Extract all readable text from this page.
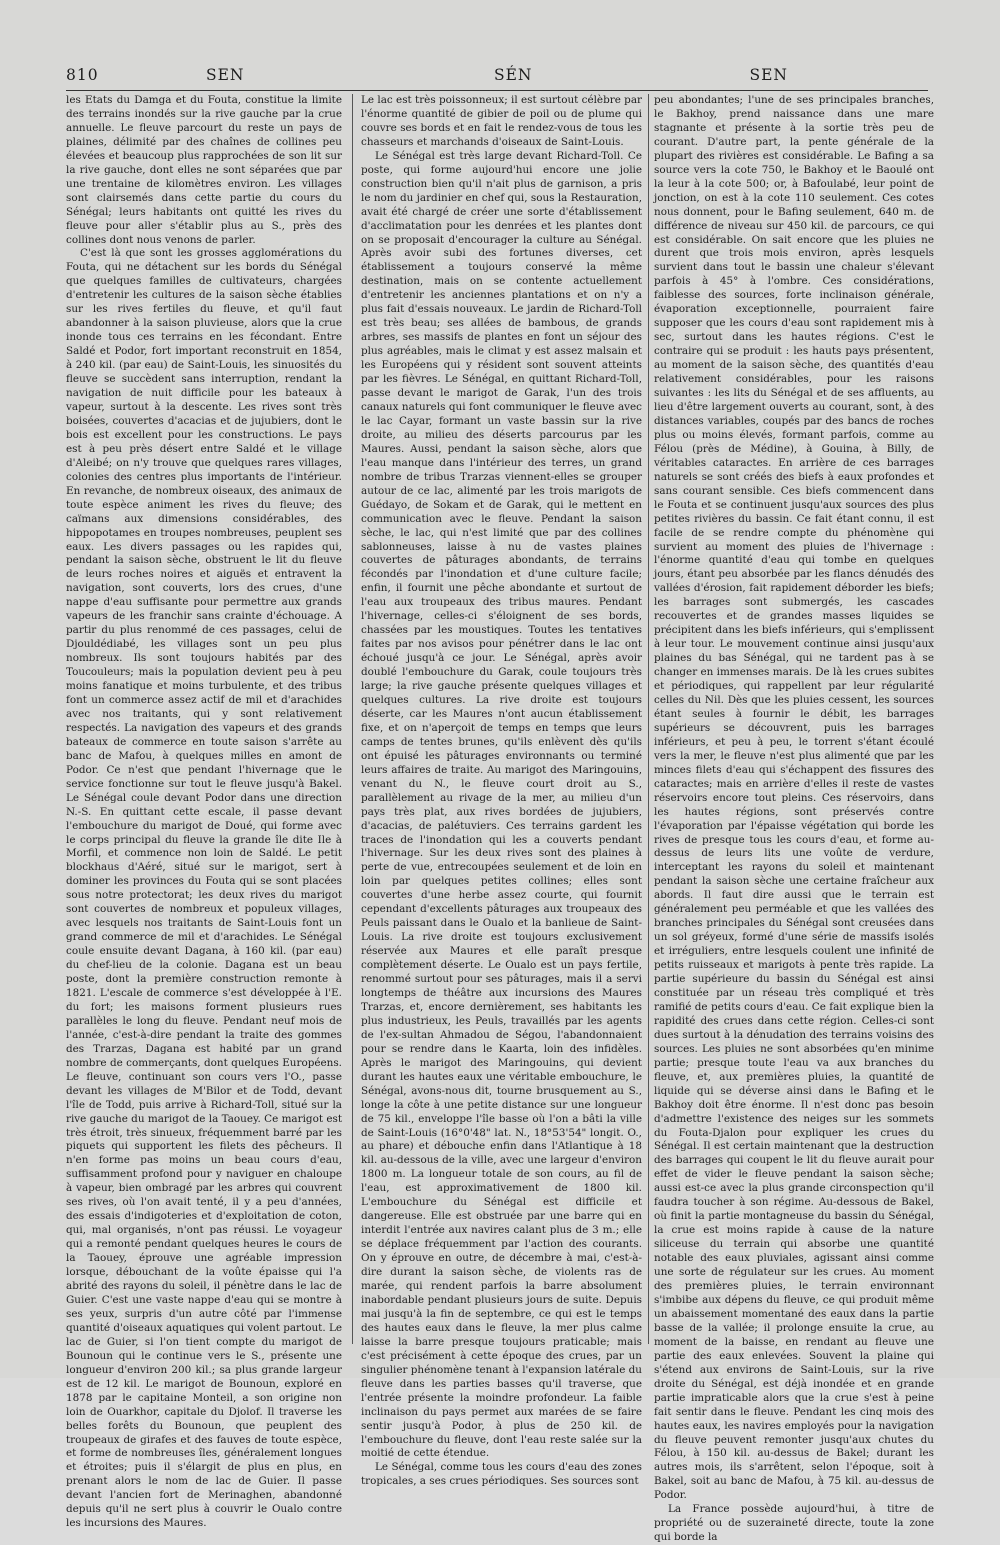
810	SEN	SÉN	SEN

les Etats du Damga et du Fouta, constitue la limite des terrains inondés sur la rive gauche par la crue annuelle. Le fleuve parcourt du reste un pays de plaines, délimité par des chaînes de collines peu élevées et beaucoup plus rapprochées de son lit sur la rive gauche, dont elles ne sont séparées que par une trentaine de kilomètres environ. Les villages sont clairsemés dans cette partie du cours du Sénégal; leurs habitants ont quitté les rives du fleuve pour aller s'établir plus au S., près des collines dont nous venons de parler.

C'est là que sont les grosses agglomérations du Fouta, qui ne détachent sur les bords du Sénégal que quelques familles de cultivateurs, chargées d'entretenir les cultures de la saison sèche établies sur les rives fertiles du fleuve, et qu'il faut abandonner à la saison pluvieuse, alors que la crue inonde tous ces terrains en les fécondant. Entre Saldé et Podor, fort important reconstruit en 1854, à 240 kil. (par eau) de Saint-Louis, les sinuosités du fleuve se succèdent sans interruption, rendant la navigation de nuit difficile pour les bateaux à vapeur, surtout à la descente. Les rives sont très boisées, couvertes d'acacias et de jujubiers, dont le bois est excellent pour les constructions. Le pays est à peu près désert entre Saldé et le village d'Aleibé; on n'y trouve que quelques rares villages, colonies des centres plus importants de l'intérieur. En revanche, de nombreux oiseaux, des animaux de toute espèce animent les rives du fleuve; des caïmans aux dimensions considérables, des hippopotames en troupes nombreuses, peuplent ses eaux. Les divers passages ou les rapides qui, pendant la saison sèche, obstruent le lit du fleuve de leurs roches noires et aiguës et entravent la navigation, sont couverts, lors des crues, d'une nappe d'eau suffisante pour permettre aux grands vapeurs de les franchir sans crainte d'échouage. A partir du plus renommé de ces passages, celui de Djouldédiabé, les villages sont un peu plus nombreux. Ils sont toujours habités par des Toucouleurs; mais la population devient peu à peu moins fanatique et moins turbulente, et des tribus font un commerce assez actif de mil et d'arachides avec nos traitants, qui y sont relativement respectés. La navigation des vapeurs et des grands bateaux de commerce en toute saison s'arrête au banc de Mafou, à quelques milles en amont de Podor. Ce n'est que pendant l'hivernage que le service fonctionne sur tout le fleuve jusqu'à Bakel. Le Sénégal coule devant Podor dans une direction N.-S. En quittant cette escale, il passe devant l'embouchure du marigot de Doué, qui forme avec le corps principal du fleuve la grande île dite Ile à Morfil, et commence non loin de Saldé. Le petit blockhaus d'Aéré, situé sur le marigot, sert à dominer les provinces du Fouta qui se sont placées sous notre protectorat; les deux rives du marigot sont couvertes de nombreux et populeux villages, avec lesquels nos traitants de Saint-Louis font un grand commerce de mil et d'arachides. Le Sénégal coule ensuite devant Dagana, à 160 kil. (par eau) du chef-lieu de la colonie. Dagana est un beau poste, dont la première construction remonte à 1821. L'escale de commerce s'est développée à l'E. du fort; les maisons forment plusieurs rues parallèles le long du fleuve. Pendant neuf mois de l'année, c'est-à-dire pendant la traite des gommes des Trarzas, Dagana est habité par un grand nombre de commerçants, dont quelques Européens. Le fleuve, continuant son cours vers l'O., passe devant les villages de M'Bilor et de Todd, devant l'île de Todd, puis arrive à Richard-Toll, situé sur la rive gauche du marigot de la Taouey. Ce marigot est très étroit, très sinueux, fréquemment barré par les piquets qui supportent les filets des pêcheurs. Il n'en forme pas moins un beau cours d'eau, suffisamment profond pour y naviguer en chaloupe à vapeur, bien ombragé par les arbres qui couvrent ses rives, où l'on avait tenté, il y a peu d'années, des essais d'indigoteries et d'exploitation de coton, qui, mal organisés, n'ont pas réussi. Le voyageur qui a remonté pendant quelques heures le cours de la Taouey, éprouve une agréable impression lorsque, débouchant de la voûte épaisse qui l'a abrité des rayons du soleil, il pénètre dans le lac de Guier. C'est une vaste nappe d'eau qui se montre à ses yeux, surpris d'un autre côté par l'immense quantité d'oiseaux aquatiques qui volent partout. Le lac de Guier, si l'on tient compte du marigot de Bounoun qui le continue vers le S., présente une longueur d'environ 200 kil.; sa plus grande largeur est de 12 kil. Le marigot de Bounoun, exploré en 1878 par le capitaine Monteil, a son origine non loin de Ouarkhor, capitale du Djolof. Il traverse les belles forêts du Bounoun, que peuplent des troupeaux de girafes et des fauves de toute espèce, et forme de nombreuses îles, généralement longues et étroites; puis il s'élargit de plus en plus, en prenant alors le nom de lac de Guier. Il passe devant l'ancien fort de Merinaghen, abandonné depuis qu'il ne sert plus à couvrir le Oualo contre les incursions des Maures.

Le lac est très poissonneux; il est surtout célèbre par l'énorme quantité de gibier de poil ou de plume qui couvre ses bords et en fait le rendez-vous de tous les chasseurs et marchands d'oiseaux de Saint-Louis.

Le Sénégal est très large devant Richard-Toll. Ce poste, qui forme aujourd'hui encore une jolie construction bien qu'il n'ait plus de garnison, a pris le nom du jardinier en chef qui, sous la Restauration, avait été chargé de créer une sorte d'établissement d'acclimatation pour les denrées et les plantes dont on se proposait d'encourager la culture au Sénégal. Après avoir subi des fortunes diverses, cet établissement a toujours conservé la même destination, mais on se contente actuellement d'entretenir les anciennes plantations et on n'y a plus fait d'essais nouveaux. Le jardin de Richard-Toll est très beau; ses allées de bambous, de grands arbres, ses massifs de plantes en font un séjour des plus agréables, mais le climat y est assez malsain et les Européens qui y résident sont souvent atteints par les fièvres. Le Sénégal, en quittant Richard-Toll, passe devant le marigot de Garak, l'un des trois canaux naturels qui font communiquer le fleuve avec le lac Cayar, formant un vaste bassin sur la rive droite, au milieu des déserts parcourus par les Maures. Aussi, pendant la saison sèche, alors que l'eau manque dans l'intérieur des terres, un grand nombre de tribus Trarzas viennent-elles se grouper autour de ce lac, alimenté par les trois marigots de Guédayo, de Sokam et de Garak, qui le mettent en communication avec le fleuve. Pendant la saison sèche, le lac, qui n'est limité que par des collines sablonneuses, laisse à nu de vastes plaines couvertes de pâturages abondants, de terrains fécondés par l'inondation et d'une culture facile; enfin, il fournit une pêche abondante et surtout de l'eau aux troupeaux des tribus maures. Pendant l'hivernage, celles-ci s'éloignent de ses bords, chassées par les moustiques. Toutes les tentatives faites par nos avisos pour pénétrer dans le lac ont échoué jusqu'à ce jour. Le Sénégal, après avoir doublé l'embouchure du Garak, coule toujours très large; la rive gauche présente quelques villages et quelques cultures. La rive droite est toujours déserte, car les Maures n'ont aucun établissement fixe, et on n'aperçoit de temps en temps que leurs camps de tentes brunes, qu'ils enlèvent dès qu'ils ont épuisé les pâturages environnants ou terminé leurs affaires de traite. Au marigot des Maringouins, venant du N., le fleuve court droit au S., parallèlement au rivage de la mer, au milieu d'un pays très plat, aux rives bordées de jujubiers, d'acacias, de palétuviers. Ces terrains gardent les traces de l'inondation qui les a couverts pendant l'hivernage. Sur les deux rives sont des plaines à perte de vue, entrecoupées seulement et de loin en loin par quelques petites collines; elles sont couvertes d'une herbe assez courte, qui fournit cependant d'excellents pâturages aux troupeaux des Peuls paissant dans le Oualo et la banlieue de Saint-Louis. La rive droite est toujours exclusivement réservée aux Maures et elle paraît presque complètement déserte. Le Oualo est un pays fertile, renommé surtout pour ses pâturages, mais il a servi longtemps de théâtre aux incursions des Maures Trarzas, et, encore dernièrement, ses habitants les plus industrieux, les Peuls, travaillés par les agents de l'ex-sultan Ahmadou de Ségou, l'abandonnaient pour se rendre dans le Kaarta, loin des infidèles. Après le marigot des Maringouins, qui devient durant les hautes eaux une véritable embouchure, le Sénégal, avons-nous dit, tourne brusquement au S., longe la côte à une petite distance sur une longueur de 75 kil., enveloppe l'île basse où l'on a bâti la ville de Saint-Louis (16°0'48" lat. N., 18°53'54" longit. O., au phare) et débouche enfin dans l'Atlantique à 18 kil. au-dessous de la ville, avec une largeur d'environ 1800 m. La longueur totale de son cours, au fil de l'eau, est approximativement de 1800 kil. L'embouchure du Sénégal est difficile et dangereuse. Elle est obstruée par une barre qui en interdit l'entrée aux navires calant plus de 3 m.; elle se déplace fréquemment par l'action des courants. On y éprouve en outre, de décembre à mai, c'est-à-dire durant la saison sèche, de violents ras de marée, qui rendent parfois la barre absolument inabordable pendant plusieurs jours de suite. Depuis mai jusqu'à la fin de septembre, ce qui est le temps des hautes eaux dans le fleuve, la mer plus calme laisse la barre presque toujours praticable; mais c'est précisément à cette époque des crues, par un singulier phénomène tenant à l'expansion latérale du fleuve dans les parties basses qu'il traverse, que l'entrée présente la moindre profondeur. La faible inclinaison du pays permet aux marées de se faire sentir jusqu'à Podor, à plus de 250 kil. de l'embouchure du fleuve, dont l'eau reste salée sur la moitié de cette étendue.

Le Sénégal, comme tous les cours d'eau des zones tropicales, a ses crues périodiques. Ses sources sont

peu abondantes; l'une de ses principales branches, le Bakhoy, prend naissance dans une mare stagnante et présente à la sortie très peu de courant. D'autre part, la pente générale de la plupart des rivières est considérable. Le Bafing a sa source vers la cote 750, le Bakhoy et le Baoulé ont la leur à la cote 500; or, à Bafoulabé, leur point de jonction, on est à la cote 110 seulement. Ces cotes nous donnent, pour le Bafing seulement, 640 m. de différence de niveau sur 450 kil. de parcours, ce qui est considérable. On sait encore que les pluies ne durent que trois mois environ, après lesquels survient dans tout le bassin une chaleur s'élevant parfois à 45° à l'ombre. Ces considérations, faiblesse des sources, forte inclinaison générale, évaporation exceptionnelle, pourraient faire supposer que les cours d'eau sont rapidement mis à sec, surtout dans les hautes régions. C'est le contraire qui se produit : les hauts pays présentent, au moment de la saison sèche, des quantités d'eau relativement considérables, pour les raisons suivantes : les lits du Sénégal et de ses affluents, au lieu d'être largement ouverts au courant, sont, à des distances variables, coupés par des bancs de roches plus ou moins élevés, formant parfois, comme au Félou (près de Médine), à Gouina, à Billy, de véritables cataractes. En arrière de ces barrages naturels se sont créés des biefs à eaux profondes et sans courant sensible. Ces biefs commencent dans le Fouta et se continuent jusqu'aux sources des plus petites rivières du bassin. Ce fait étant connu, il est facile de se rendre compte du phénomène qui survient au moment des pluies de l'hivernage : l'énorme quantité d'eau qui tombe en quelques jours, étant peu absorbée par les flancs dénudés des vallées d'érosion, fait rapidement déborder les biefs; les barrages sont submergés, les cascades recouvertes et de grandes masses liquides se précipitent dans les biefs inférieurs, qui s'emplissent à leur tour. Le mouvement continue ainsi jusqu'aux plaines du bas Sénégal, qui ne tardent pas à se changer en immenses marais. De là les crues subites et périodiques, qui rappellent par leur régularité celles du Nil. Dès que les pluies cessent, les sources étant seules à fournir le débit, les barrages supérieurs se découvrent, puis les barrages inférieurs, et peu à peu, le torrent s'étant écoulé vers la mer, le fleuve n'est plus alimenté que par les minces filets d'eau qui s'échappent des fissures des cataractes; mais en arrière d'elles il reste de vastes réservoirs encore tout pleins. Ces réservoirs, dans les hautes régions, sont préservés contre l'évaporation par l'épaisse végétation qui borde les rives de presque tous les cours d'eau, et forme au-dessus de leurs lits une voûte de verdure, interceptant les rayons du soleil et maintenant pendant la saison sèche une certaine fraîcheur aux abords. Il faut dire aussi que le terrain est généralement peu perméable et que les vallées des branches principales du Sénégal sont creusées dans un sol gréyeux, formé d'une série de massifs isolés et irréguliers, entre lesquels coulent une infinité de petits ruisseaux et marigots à pente très rapide. La partie supérieure du bassin du Sénégal est ainsi constituée par un réseau très compliqué et très ramifié de petits cours d'eau. Ce fait explique bien la rapidité des crues dans cette région. Celles-ci sont dues surtout à la dénudation des terrains voisins des sources. Les pluies ne sont absorbées qu'en minime partie; presque toute l'eau va aux branches du fleuve, et, aux premières pluies, la quantité de liquide qui se déverse ainsi dans le Bafing et le Bakhoy doit être énorme. Il n'est donc pas besoin d'admettre l'existence des neiges sur les sommets du Fouta-Djalon pour expliquer les crues du Sénégal. Il est certain maintenant que la destruction des barrages qui coupent le lit du fleuve aurait pour effet de vider le fleuve pendant la saison sèche; aussi est-ce avec la plus grande circonspection qu'il faudra toucher à son régime. Au-dessous de Bakel, où finit la partie montagneuse du bassin du Sénégal, la crue est moins rapide à cause de la nature siliceuse du terrain qui absorbe une quantité notable des eaux pluviales, agissant ainsi comme une sorte de régulateur sur les crues. Au moment des premières pluies, le terrain environnant s'imbibe aux dépens du fleuve, ce qui produit même un abaissement momentané des eaux dans la partie basse de la vallée; il prolonge ensuite la crue, au moment de la baisse, en rendant au fleuve une partie des eaux enlevées. Souvent la plaine qui s'étend aux environs de Saint-Louis, sur la rive droite du Sénégal, est déjà inondée et en grande partie impraticable alors que la crue s'est à peine fait sentir dans le fleuve. Pendant les cinq mois des hautes eaux, les navires employés pour la navigation du fleuve peuvent remonter jusqu'aux chutes du Félou, à 150 kil. au-dessus de Bakel; durant les autres mois, ils s'arrêtent, selon l'époque, soit à Bakel, soit au banc de Mafou, à 75 kil. au-dessus de Podor.

La France possède aujourd'hui, à titre de propriété ou de suzeraineté directe, toute la zone qui borde la
